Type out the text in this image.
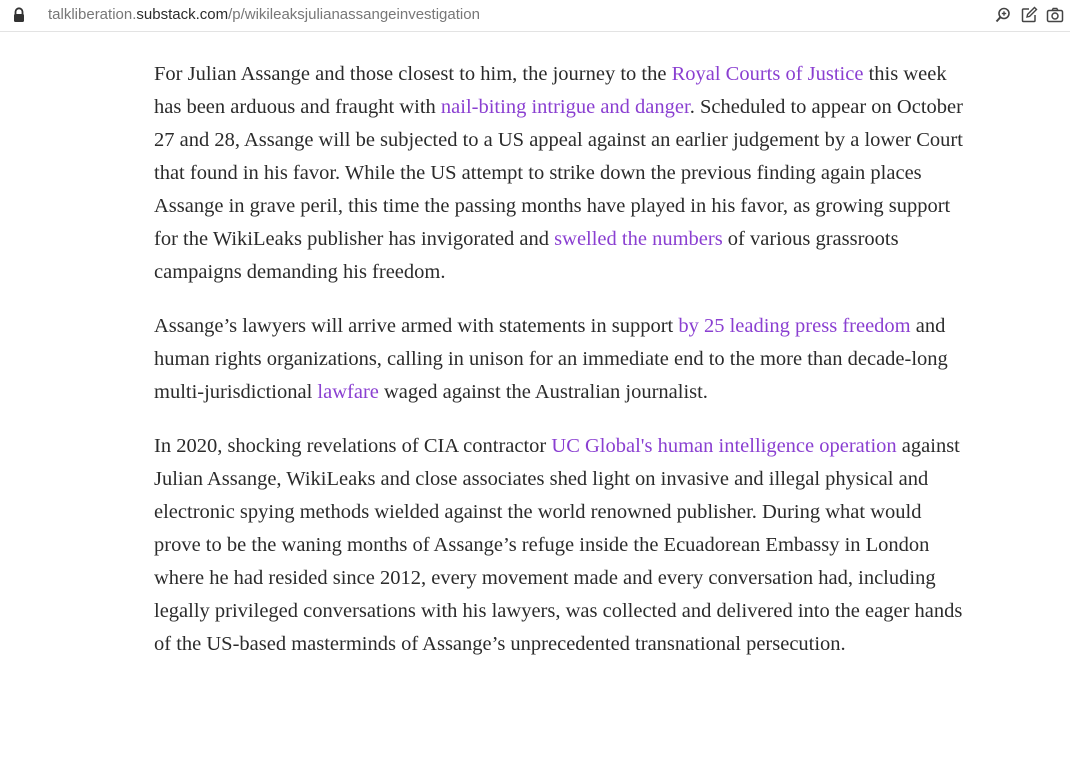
talkliberation.substack.com/p/wikileaksjulianassangeinvestigation

For Julian Assange and those closest to him, the journey to the Royal Courts of Justice this week has been arduous and fraught with nail-biting intrigue and danger. Scheduled to appear on October 27 and 28, Assange will be subjected to a US appeal against an earlier judgement by a lower Court that found in his favor. While the US attempt to strike down the previous finding again places Assange in grave peril, this time the passing months have played in his favor, as growing support for the WikiLeaks publisher has invigorated and swelled the numbers of various grassroots campaigns demanding his freedom.

Assange’s lawyers will arrive armed with statements in support by 25 leading press freedom and human rights organizations, calling in unison for an immediate end to the more than decade-long multi-jurisdictional lawfare waged against the Australian journalist.

In 2020, shocking revelations of CIA contractor UC Global's human intelligence operation against Julian Assange, WikiLeaks and close associates shed light on invasive and illegal physical and electronic spying methods wielded against the world renowned publisher. During what would prove to be the waning months of Assange’s refuge inside the Ecuadorean Embassy in London where he had resided since 2012, every movement made and every conversation had, including legally privileged conversations with his lawyers, was collected and delivered into the eager hands of the US-based masterminds of Assange’s unprecedented transnational persecution.
